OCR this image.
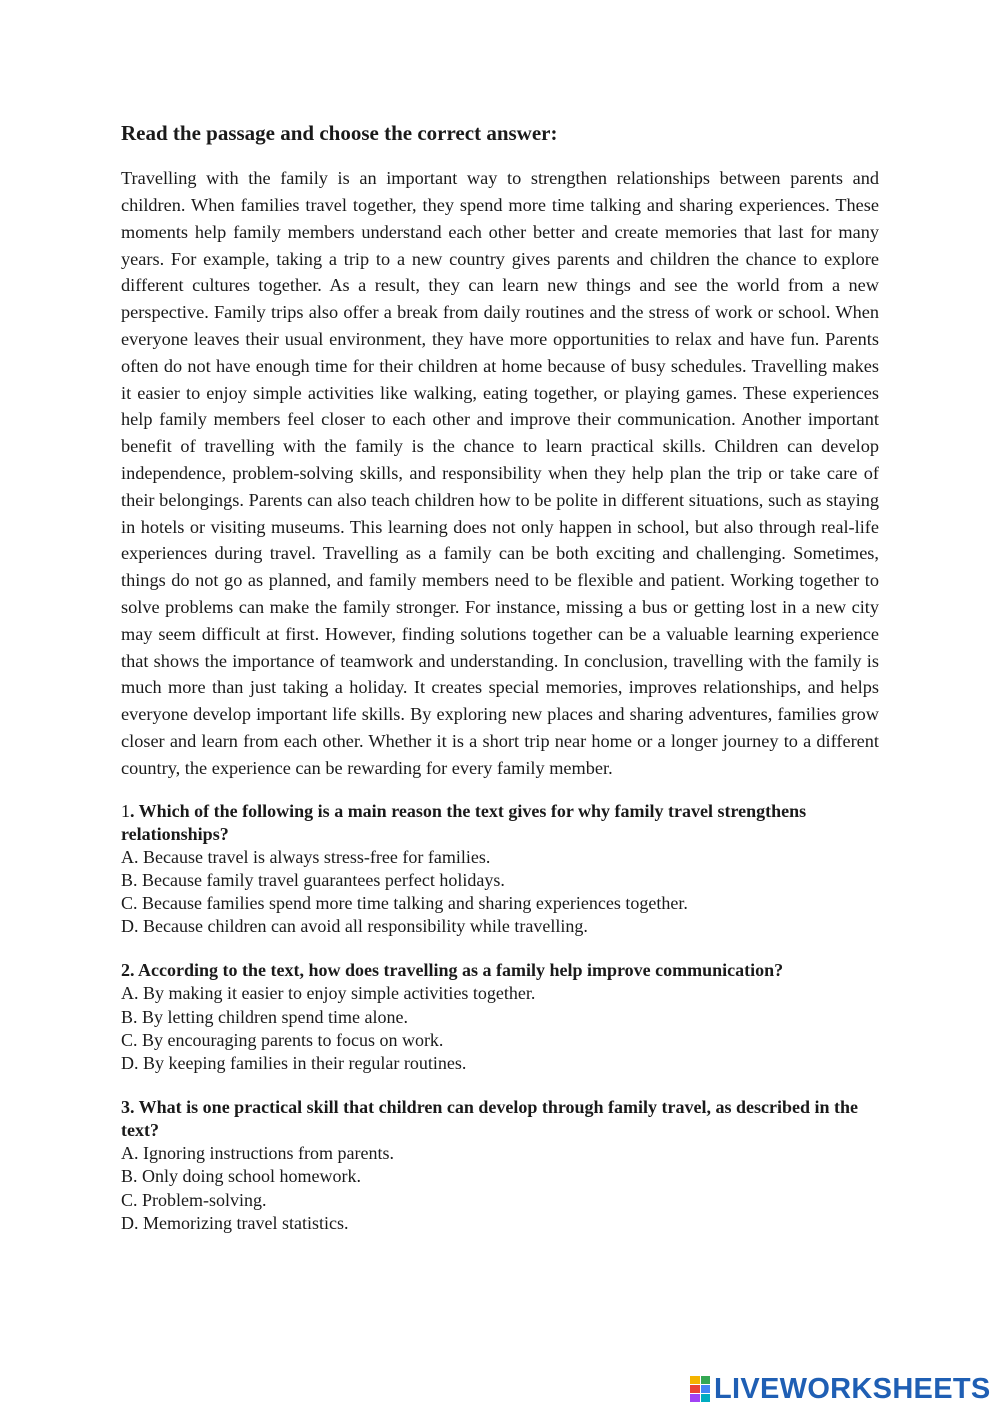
Read the passage and choose the correct answer:

Travelling with the family is an important way to strengthen relationships between parents and children. When families travel together, they spend more time talking and sharing experiences. These moments help family members understand each other better and create memories that last for many years. For example, taking a trip to a new country gives parents and children the chance to explore different cultures together. As a result, they can learn new things and see the world from a new perspective. Family trips also offer a break from daily routines and the stress of work or school. When everyone leaves their usual environment, they have more opportunities to relax and have fun. Parents often do not have enough time for their children at home because of busy schedules. Travelling makes it easier to enjoy simple activities like walking, eating together, or playing games. These experiences help family members feel closer to each other and improve their communication. Another important benefit of travelling with the family is the chance to learn practical skills. Children can develop independence, problem-solving skills, and responsibility when they help plan the trip or take care of their belongings. Parents can also teach children how to be polite in different situations, such as staying in hotels or visiting museums. This learning does not only happen in school, but also through real-life experiences during travel. Travelling as a family can be both exciting and challenging. Sometimes, things do not go as planned, and family members need to be flexible and patient. Working together to solve problems can make the family stronger. For instance, missing a bus or getting lost in a new city may seem difficult at first. However, finding solutions together can be a valuable learning experience that shows the importance of teamwork and understanding. In conclusion, travelling with the family is much more than just taking a holiday. It creates special memories, improves relationships, and helps everyone develop important life skills. By exploring new places and sharing adventures, families grow closer and learn from each other. Whether it is a short trip near home or a longer journey to a different country, the experience can be rewarding for every family member.

1. Which of the following is a main reason the text gives for why family travel strengthens relationships?

A. Because travel is always stress-free for families.
B. Because family travel guarantees perfect holidays.
C. Because families spend more time talking and sharing experiences together.
D. Because children can avoid all responsibility while travelling.

2. According to the text, how does travelling as a family help improve communication?

A. By making it easier to enjoy simple activities together.
B. By letting children spend time alone.
C. By encouraging parents to focus on work.
D. By keeping families in their regular routines.

3. What is one practical skill that children can develop through family travel, as described in the text?

A. Ignoring instructions from parents.
B. Only doing school homework.
C. Problem-solving.
D. Memorizing travel statistics.
LIVEWORKSHEETS
